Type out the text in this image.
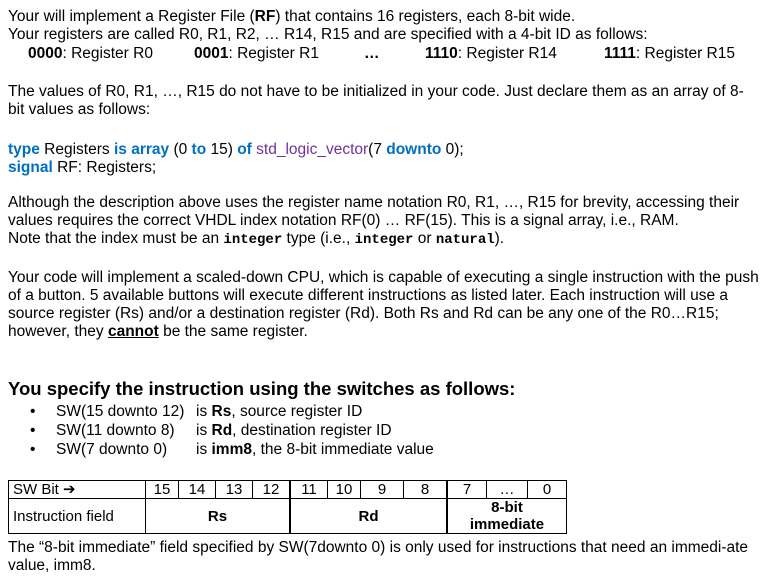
Your will implement a Register File (RF) that contains 16 registers, each 8-bit wide.
Your registers are called R0, R1, R2, … R14, R15 and are specified with a 4-bit ID as follows:

0000: Register R0	0001: Register R1	…	1110: Register R14	1111: Register R15

The values of R0, R1, …, R15 do not have to be initialized in your code. Just declare them as an array of 8-bit values as follows:

type Registers is array (0 to 15) of std_logic_vector(7 downto 0);
signal RF: Registers;

Although the description above uses the register name notation R0, R1, …, R15 for brevity, accessing their values requires the correct VHDL index notation RF(0) … RF(15). This is a signal array, i.e., RAM.
Note that the index must be an integer type (i.e., integer or natural).

Your code will implement a scaled-down CPU, which is capable of executing a single instruction with the push of a button. 5 available buttons will execute different instructions as listed later. Each instruction will use a source register (Rs) and/or a destination register (Rd). Both Rs and Rd can be any one of the R0…R15; however, they cannot be the same register.

You specify the instruction using the switches as follows:
• SW(15 downto 12) is Rs, source register ID
• SW(11 downto 8) is Rd, destination register ID
• SW(7 downto 0) is imm8, the 8-bit immediate value
SW Bit ➔	15	14	13	12	11	10	9	8	7	…	0
Instruction field	Rs				Rd				8-bit immediate		

The “8-bit immediate” field specified by SW(7downto 0) is only used for instructions that need an immedi-ate value, imm8.
